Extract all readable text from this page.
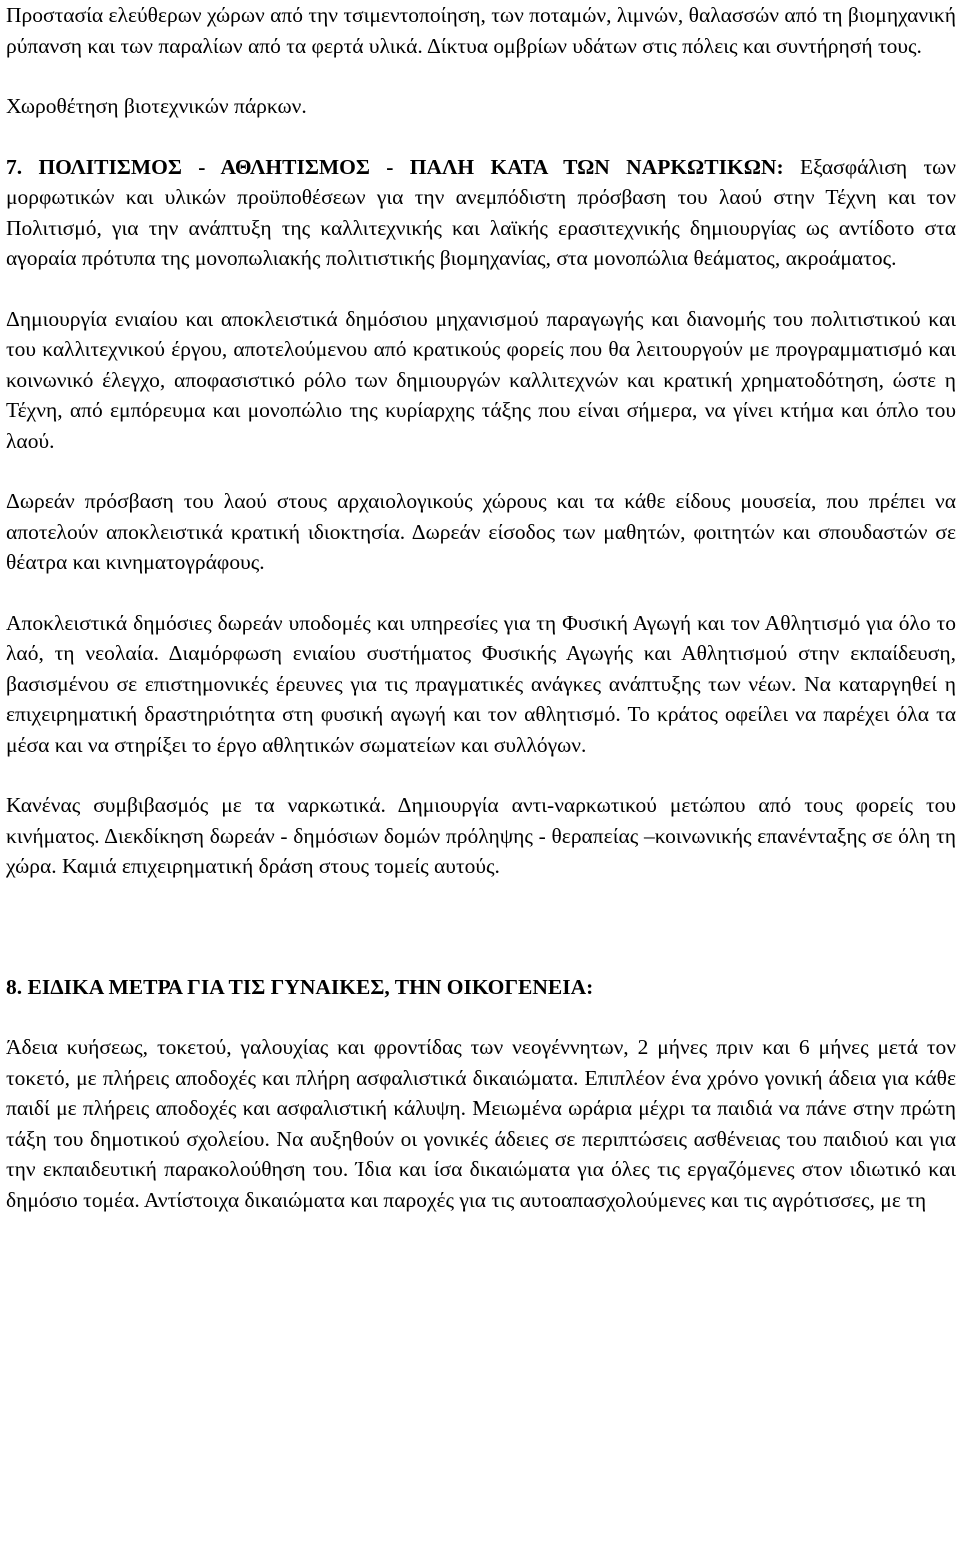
Προστασία ελεύθερων χώρων από την τσιμεντοποίηση, των ποταμών, λιμνών, θαλασσών από τη βιομηχανική ρύπανση και των παραλίων από τα φερτά υλικά. Δίκτυα ομβρίων υδάτων στις πόλεις και συντήρησή τους.

Χωροθέτηση βιοτεχνικών πάρκων.

7. ΠΟΛΙΤΙΣΜΟΣ - ΑΘΛΗΤΙΣΜΟΣ - ΠΑΛΗ ΚΑΤΑ ΤΩΝ ΝΑΡΚΩΤΙΚΩΝ: Εξασφάλιση των μορφωτικών και υλικών προϋποθέσεων για την ανεμπόδιστη πρόσβαση του λαού στην Τέχνη και τον Πολιτισμό, για την ανάπτυξη της καλλιτεχνικής και λαϊκής ερασιτεχνικής δημιουργίας ως αντίδοτο στα αγοραία πρότυπα της μονοπωλιακής πολιτιστικής βιομηχανίας, στα μονοπώλια θεάματος, ακροάματος.

Δημιουργία ενιαίου και αποκλειστικά δημόσιου μηχανισμού παραγωγής και διανομής του πολιτιστικού και του καλλιτεχνικού έργου, αποτελούμενου από κρατικούς φορείς που θα λειτουργούν με προγραμματισμό και κοινωνικό έλεγχο, αποφασιστικό ρόλο των δημιουργών καλλιτεχνών και κρατική χρηματοδότηση, ώστε η Τέχνη, από εμπόρευμα και μονοπώλιο της κυρίαρχης τάξης που είναι σήμερα, να γίνει κτήμα και όπλο του λαού.

Δωρεάν πρόσβαση του λαού στους αρχαιολογικούς χώρους και τα κάθε είδους μουσεία, που πρέπει να αποτελούν αποκλειστικά κρατική ιδιοκτησία. Δωρεάν είσοδος των μαθητών, φοιτητών και σπουδαστών σε θέατρα και κινηματογράφους.

Αποκλειστικά δημόσιες δωρεάν υποδομές και υπηρεσίες για τη Φυσική Αγωγή και τον Αθλητισμό για όλο το λαό, τη νεολαία. Διαμόρφωση ενιαίου συστήματος Φυσικής Αγωγής και Αθλητισμού στην εκπαίδευση, βασισμένου σε επιστημονικές έρευνες για τις πραγματικές ανάγκες ανάπτυξης των νέων. Να καταργηθεί η επιχειρηματική δραστηριότητα στη φυσική αγωγή και τον αθλητισμό. Το κράτος οφείλει να παρέχει όλα τα μέσα και να στηρίξει το έργο αθλητικών σωματείων και συλλόγων.

Κανένας συμβιβασμός με τα ναρκωτικά. Δημιουργία αντι-ναρκωτικού μετώπου από τους φορείς του κινήματος. Διεκδίκηση δωρεάν - δημόσιων δομών πρόληψης - θεραπείας –κοινωνικής επανένταξης σε όλη τη χώρα. Καμιά επιχειρηματική δράση στους τομείς αυτούς.

8. ΕΙΔΙΚΑ ΜΕΤΡΑ ΓΙΑ ΤΙΣ ΓΥΝΑΙΚΕΣ, ΤΗΝ ΟΙΚΟΓΕΝΕΙΑ:

Άδεια κυήσεως, τοκετού, γαλουχίας και φροντίδας των νεογέννητων, 2 μήνες πριν και 6 μήνες μετά τον τοκετό, με πλήρεις αποδοχές και πλήρη ασφαλιστικά δικαιώματα. Επιπλέον ένα χρόνο γονική άδεια για κάθε παιδί με πλήρεις αποδοχές και ασφαλιστική κάλυψη. Μειωμένα ωράρια μέχρι τα παιδιά να πάνε στην πρώτη τάξη του δημοτικού σχολείου. Να αυξηθούν οι γονικές άδειες σε περιπτώσεις ασθένειας του παιδιού και για την εκπαιδευτική παρακολούθηση του. Ίδια και ίσα δικαιώματα για όλες τις εργαζόμενες στον ιδιωτικό και δημόσιο τομέα. Αντίστοιχα δικαιώματα και παροχές για τις αυτοαπασχολούμενες και τις αγρότισσες, με τη
